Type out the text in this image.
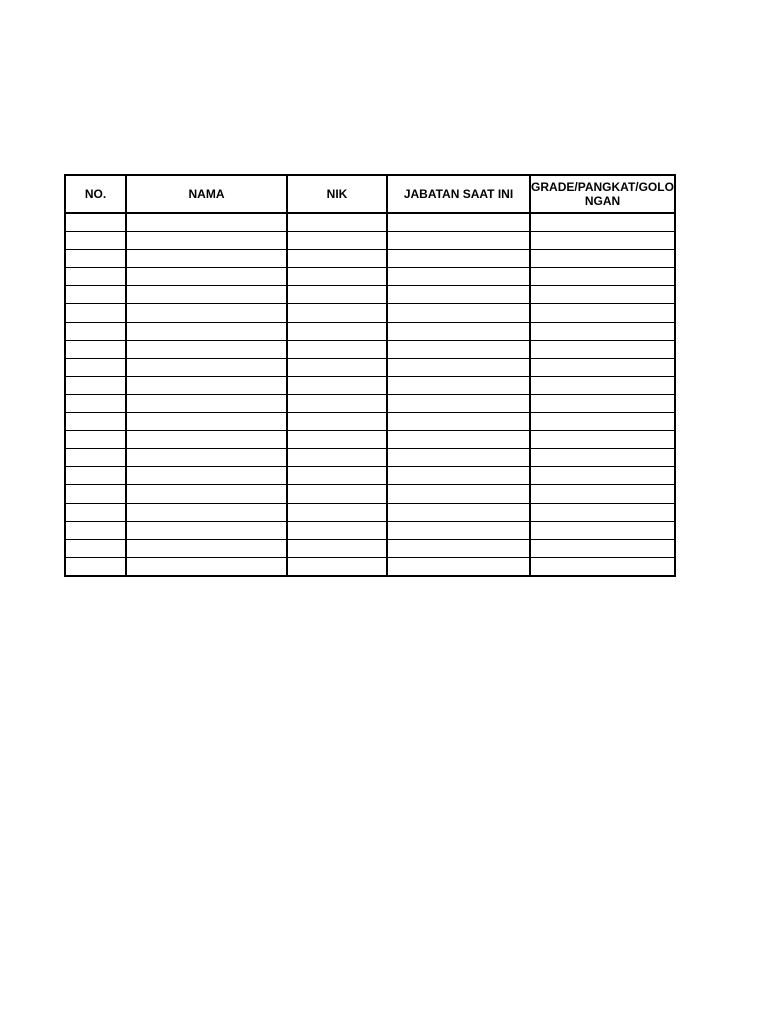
NO.	NAMA	NIK	JABATAN SAAT INI	GRADE/PANGKAT/GOLONGAN
